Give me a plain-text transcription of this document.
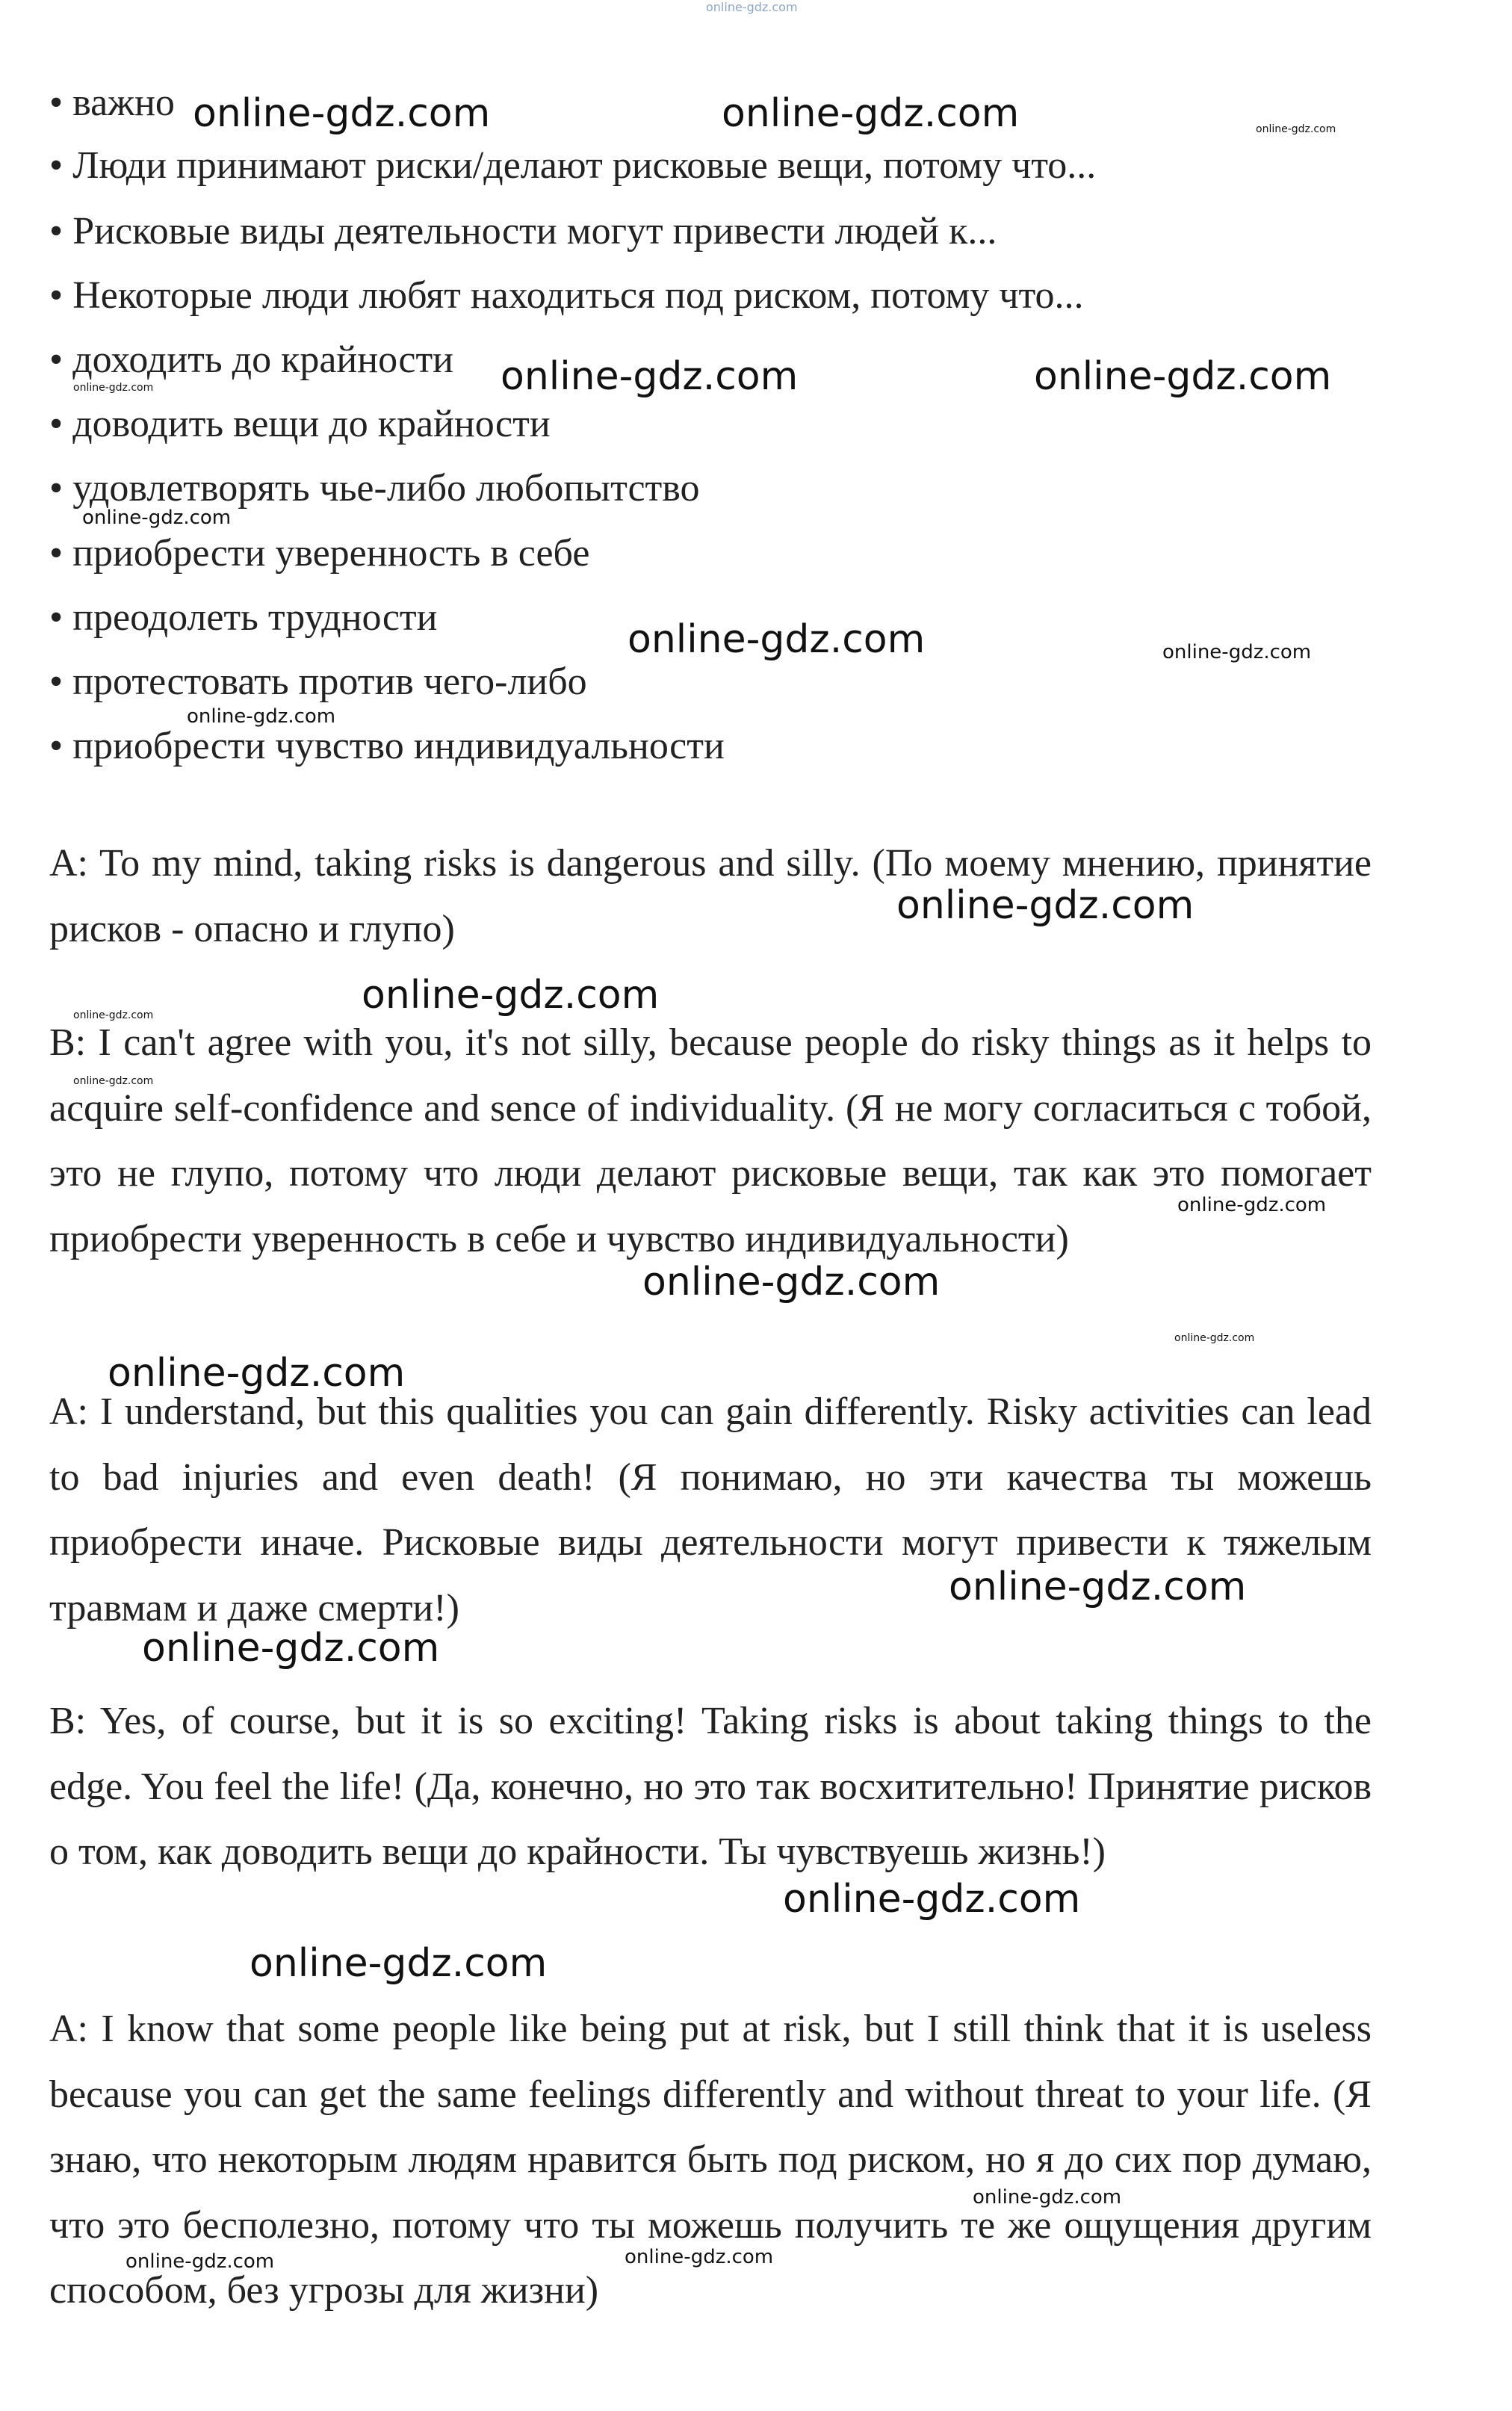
online-gdz.com
• важно
• Люди принимают риски/делают рисковые вещи, потому что...
• Рисковые виды деятельности могут привести людей к...
• Некоторые люди любят находиться под риском, потому что...
• доходить до крайности
• доводить вещи до крайности
• удовлетворять чье-либо любопытство
• приобрести уверенность в себе
• преодолеть трудности
• протестовать против чего-либо
• приобрести чувство индивидуальности

A: To my mind, taking risks is dangerous and silly. (По моему мнению, принятие рисков - опасно и глупо)

B: I can't agree with you, it's not silly, because people do risky things as it helps to acquire self-confidence and sence of individuality. (Я не могу согласиться с тобой, это не глупо, потому что люди делают рисковые вещи, так как это помогает приобрести уверенность в себе и чувство индивидуальности)

A: I understand, but this qualities you can gain differently. Risky activities can lead to bad injuries and even death! (Я понимаю, но эти качества ты можешь приобрести иначе. Рисковые виды деятельности могут привести к тяжелым травмам и даже смерти!)

B: Yes, of course, but it is so exciting! Taking risks is about taking things to the edge. You feel the life! (Да, конечно, но это так восхитительно! Принятие рисков о том, как доводить вещи до крайности. Ты чувствуешь жизнь!)

A: I know that some people like being put at risk, but I still think that it is useless because you can get the same feelings differently and without threat to your life. (Я знаю, что некоторым людям нравится быть под риском, но я до сих пор думаю, что это бесполезно, потому что ты можешь получить те же ощущения другим способом, без угрозы для жизни)

online-gdz.com	online-gdz.com	online-gdz.com
online-gdz.com	online-gdz.com
online-gdz.com
online-gdz.com
online-gdz.com	online-gdz.com
online-gdz.com
online-gdz.com
online-gdz.com
online-gdz.com
online-gdz.com
online-gdz.com
online-gdz.com
online-gdz.com
online-gdz.com
online-gdz.com
online-gdz.com
online-gdz.com
online-gdz.com
online-gdz.com
online-gdz.com
online-gdz.com
